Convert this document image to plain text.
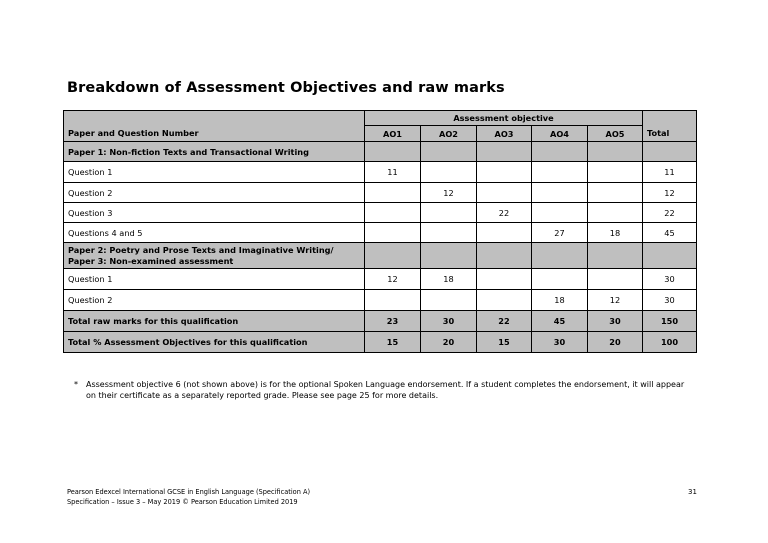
Breakdown of Assessment Objectives and raw marks
	Assessment objective					
Paper and Question Number	AO1	AO2	AO3	AO4	AO5	Total
Paper 1: Non-fiction Texts and Transactional Writing						
Question 1	11					11
Question 2		12				12
Question 3			22			22
Questions 4 and 5				27	18	45

Paper 2: Poetry and Prose Texts and Imaginative Writing/
Paper 3: Non-examined assessment						

Question 1	12	18				30
Question 2				18	12	30
Total raw marks for this qualification	23	30	22	45	30	150
Total % Assessment Objectives for this qualification	15	20	15	30	20	100
*	Assessment objective 6 (not shown above) is for the optional Spoken Language endorsement. If a student completes the endorsement, it will appear on their certificate as a separately reported grade. Please see page 25 for more details.
Pearson Edexcel International GCSE in English Language (Specification A)
Specification – Issue 3 – May 2019 © Pearson Education Limited 2019
31
